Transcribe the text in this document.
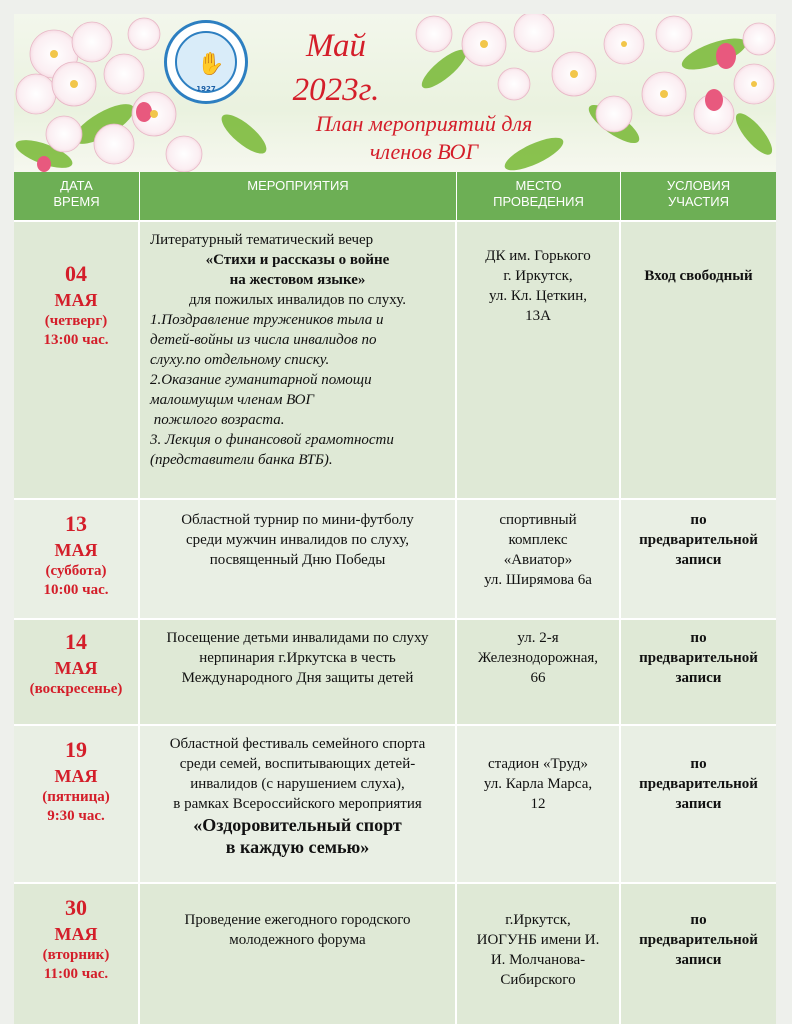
✋
1927
Май
2023г.
План мероприятий для
членов ВОГ
ДАТА
ВРЕМЯ
МЕРОПРИЯТИЯ	МЕСТО
ПРОВЕДЕНИЯ
УСЛОВИЯ
УЧАСТИЯ
04
МАЯ
(четверг)
13:00 час.
Литературный тематический вечер
«Стихи и рассказы о войне
на жестовом языке»
для пожилых инвалидов по слуху.
1.Поздравление тружеников тыла и
детей-войны из числа инвалидов по
слуху.по отдельному списку.
2.Оказание гуманитарной помощи
малоимущим членам ВОГ
пожилого возраста.
3. Лекция о финансовой грамотности
(представители банка ВТБ).
ДК им. Горького
г. Иркутск,
ул. Кл. Цеткин,
13А
Вход свободный
13
МАЯ
(суббота)
10:00 час.
Областной турнир по мини-футболу
среди мужчин инвалидов по слуху,
посвященный Дню Победы
спортивный
комплекс
«Авиатор»
ул. Ширямова 6а
по
предварительной
записи
14
МАЯ
(воскресенье)
Посещение детьми инвалидами по слуху
нерпинария г.Иркутска в честь
Международного Дня защиты детей
ул. 2-я
Железнодорожная,
66
по
предварительной
записи
19
МАЯ
(пятница)
9:30 час.
Областной фестиваль семейного спорта
среди семей, воспитывающих детей-
инвалидов (с нарушением слуха),
в рамках Всероссийского мероприятия
«Оздоровительный спорт
в каждую семью»
стадион «Труд»
ул. Карла Марса,
12
по
предварительной
записи
30
МАЯ
(вторник)
11:00 час.
Проведение ежегодного городского
молодежного форума
г.Иркутск,
ИОГУНБ имени И.
И. Молчанова-
Сибирского
по
предварительной
записи
